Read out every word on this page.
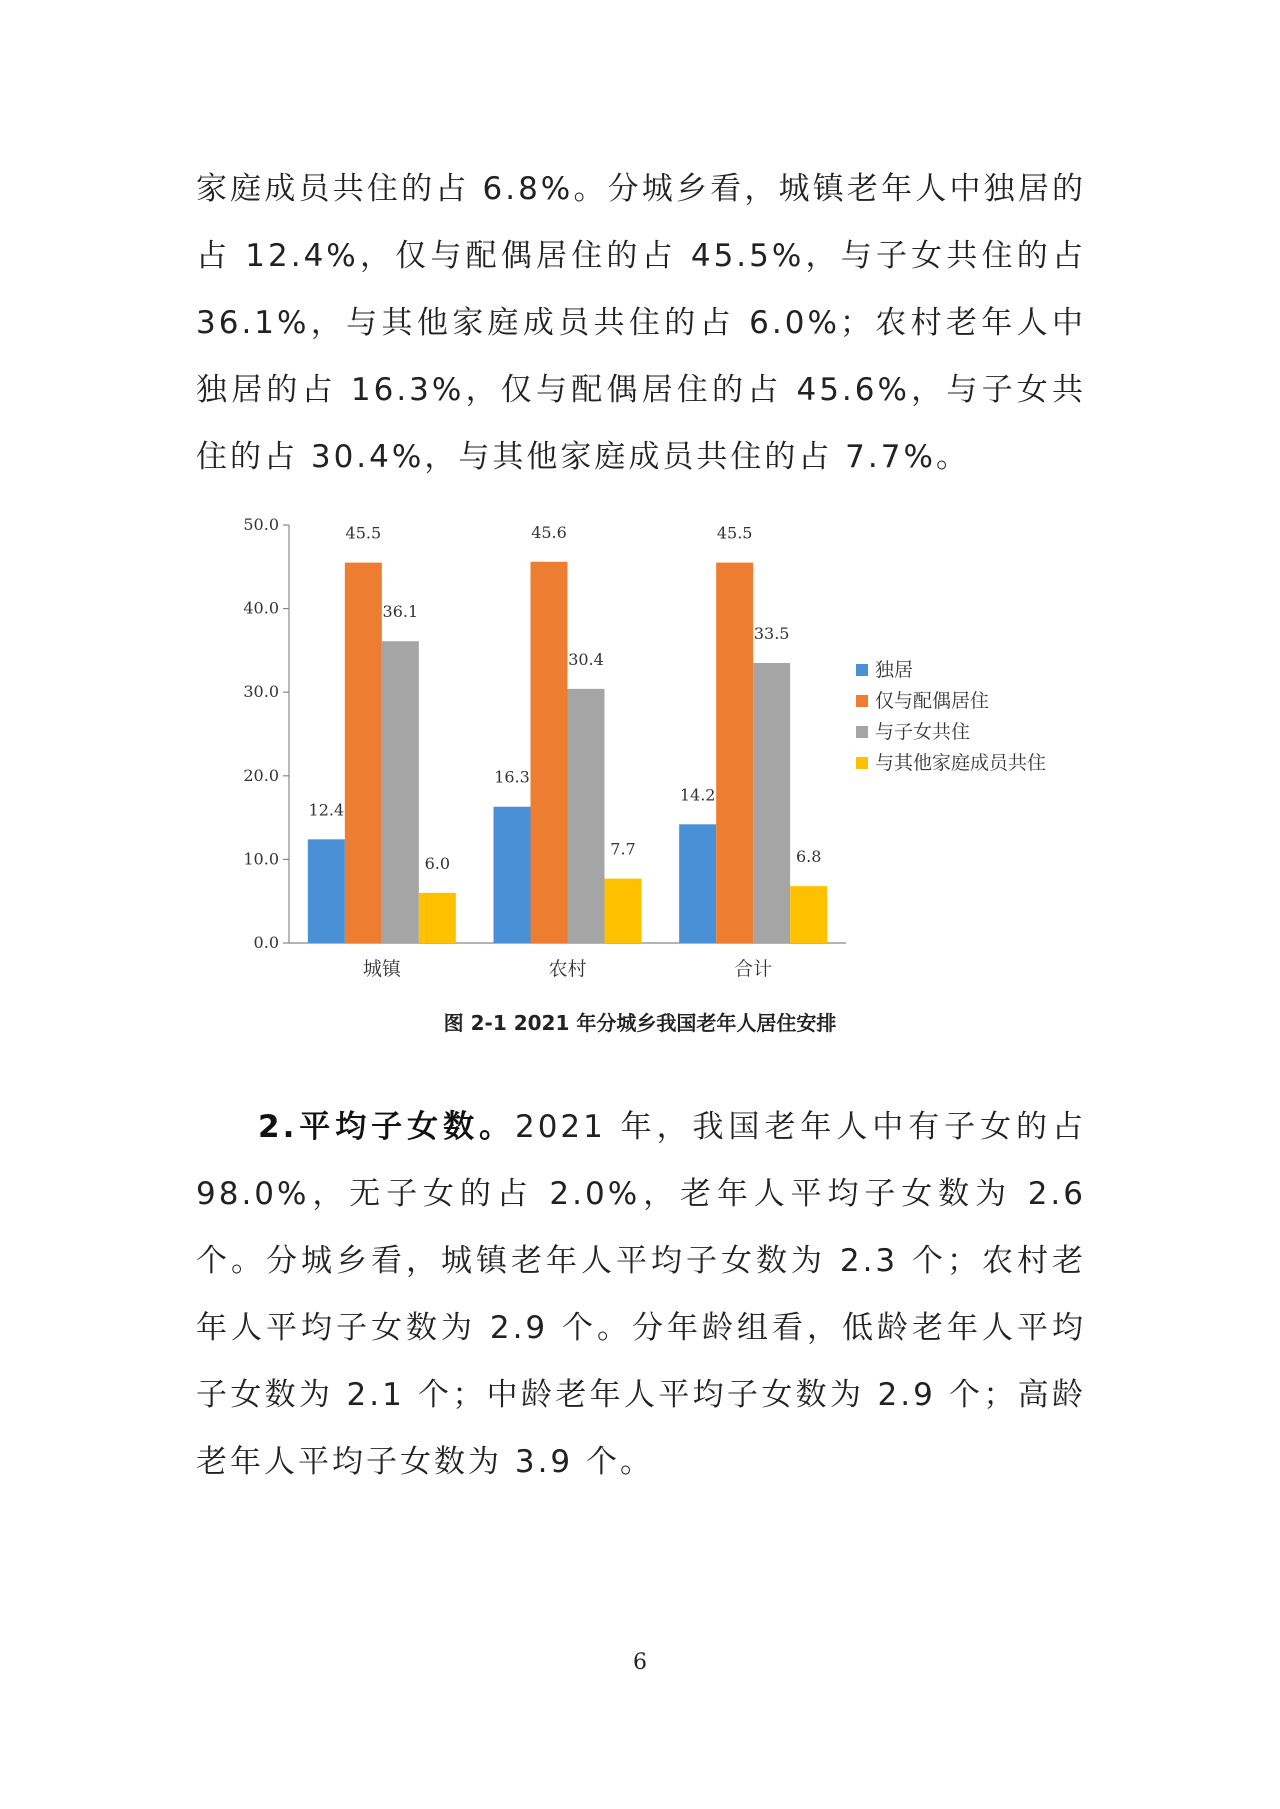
家庭成员共住的占 6.8%。分城乡看，城镇老年人中独居的占 12.4%，仅与配偶居住的占 45.5%，与子女共住的占 36.1%，与其他家庭成员共住的占 6.0%；农村老年人中独居的占 16.3%，仅与配偶居住的占 45.6%，与子女共住的占 30.4%，与其他家庭成员共住的占 7.7%。

0.0
10.0
20.0
30.0
40.0
50.0
12.4
45.5
36.1
6.0
城镇
16.3
45.6
30.4
7.7
农村
14.2
45.5
33.5
6.8
合计
独居
仅与配偶居住
与子女共住
与其他家庭成员共住

图 2-1 2021 年分城乡我国老年人居住安排

2.平均子女数。2021 年，我国老年人中有子女的占 98.0%，无子女的占 2.0%，老年人平均子女数为 2.6 个。分城乡看，城镇老年人平均子女数为 2.3 个；农村老年人平均子女数为 2.9 个。分年龄组看，低龄老年人平均子女数为 2.1 个；中龄老年人平均子女数为 2.9 个；高龄老年人平均子女数为 3.9 个。

6
